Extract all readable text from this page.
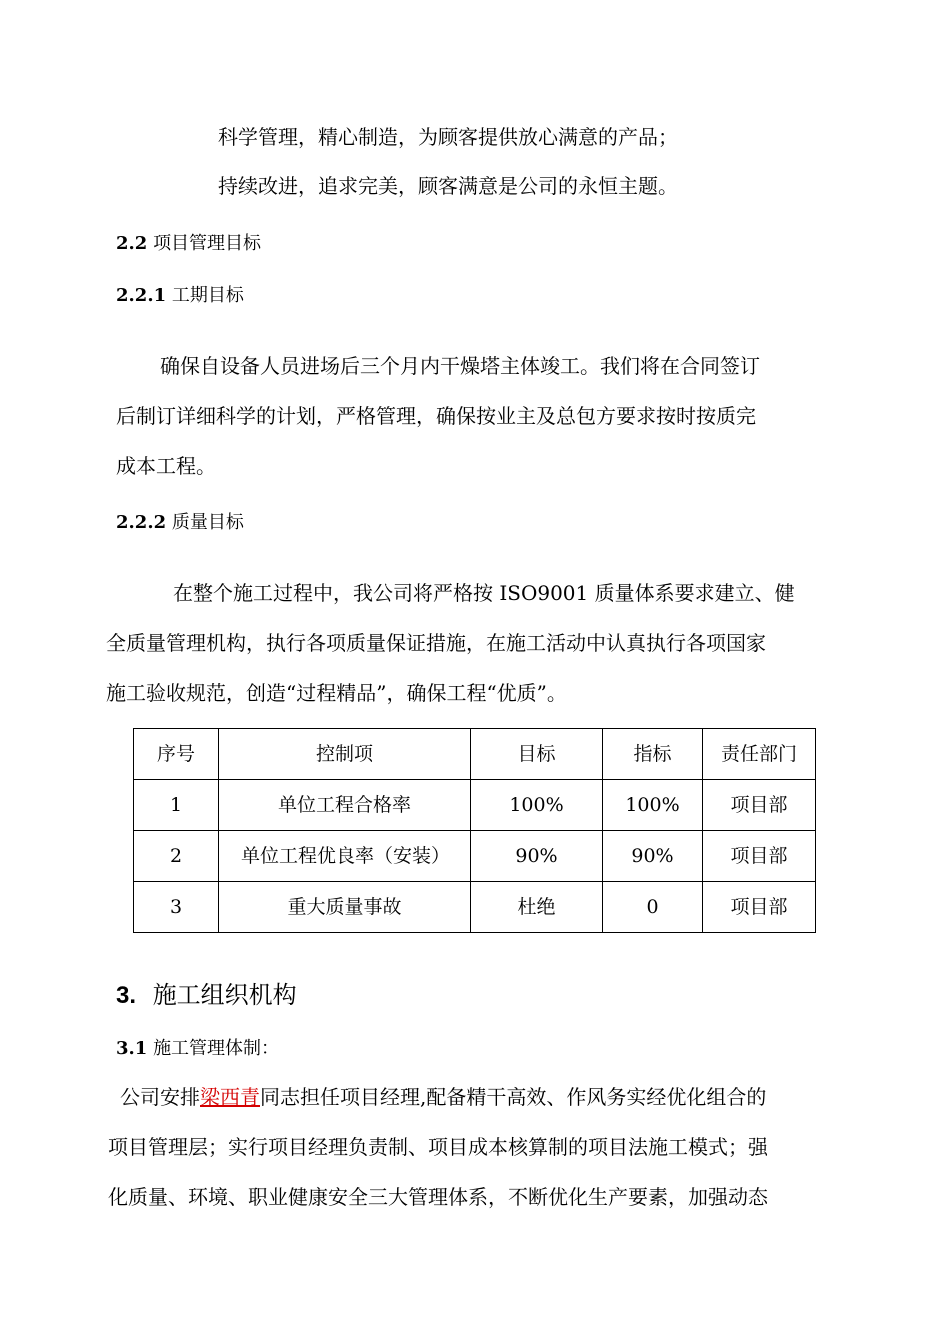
科学管理，精心制造，为顾客提供放心满意的产品；
持续改进，追求完美，顾客满意是公司的永恒主题。
2.2 项目管理目标
2.2.1 工期目标
确保自设备人员进场后三个月内干燥塔主体竣工。我们将在合同签订
后制订详细科学的计划，严格管理，确保按业主及总包方要求按时按质完
成本工程。
2.2.2 质量目标
在整个施工过程中，我公司将严格按 ISO9001 质量体系要求建立、健
全质量管理机构，执行各项质量保证措施，在施工活动中认真执行各项国家
施工验收规范，创造“过程精品”，确保工程“优质”。
序号	控制项	目标	指标	责任部门
1	单位工程合格率	100%	100%	项目部
2	单位工程优良率（安装）	90%	90%	项目部
3	重大质量事故	杜绝	0	项目部
3. 施工组织机构
3.1 施工管理体制：
公司安排梁西青同志担任项目经理,配备精干高效、作风务实经优化组合的
项目管理层；实行项目经理负责制、项目成本核算制的项目法施工模式；强
化质量、环境、职业健康安全三大管理体系，不断优化生产要素，加强动态
